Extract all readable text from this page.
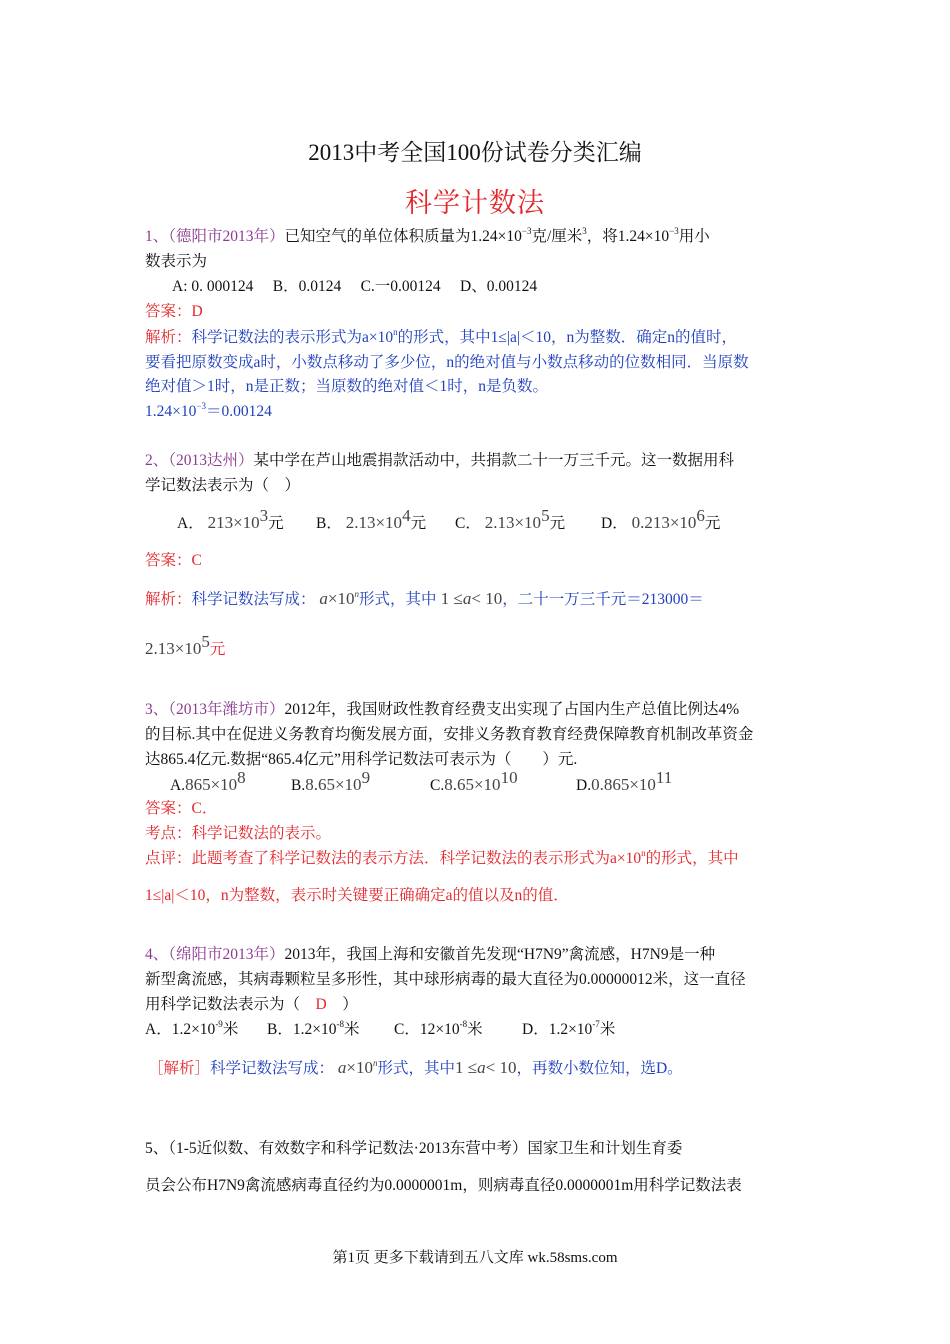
2013中考全国100份试卷分类汇编
科学计数法
1、（德阳市2013年）已知空气的单位体积质量为$1.24\times 10^{-3}$克/厘米$^3$，将$1.24\times 10^{-3}$用小
数表示为
A: 0. 000124　 B．0.0124　 C.一0.00124　 D、0.00124
答案：D
解析：科学记数法的表示形式为$a\times 10^n$的形式，其中1≤|a|＜10，n为整数．确定n的值时，
要看把原数变成a时，小数点移动了多少位，n的绝对值与小数点移动的位数相同．当原数
绝对值＞1时，n是正数；当原数的绝对值＜1时，n是负数。
$1.24\times 10^{-3}=0.00124$
2、（2013达州）某中学在芦山地震捐款活动中，共捐款二十一万三千元。这一数据用科
学记数法表示为（　）
A． $213\times 10^3$元 B． $2.13\times 10^4$元 C． $2.13\times 10^5$元 D． $0.213\times 10^6$元
答案：C
解析：科学记数法写成： $a\times 10^n$形式，其中 1 ≤a< 10，二十一万三千元＝213000＝
$2.13\times 10^5$元
3、（2013年潍坊市）2012年，我国财政性教育经费支出实现了占国内生产总值比例达4%
的目标.其中在促进义务教育均衡发展方面，安排义务教育教育经费保障教育机制改革资金
达865.4亿元.数据“865.4亿元”用科学记数法可表示为（　　）元.
$A.865\times 10^8$	$B.8.65\times 10^9$	$C.8.65\times 10^{10}$	$D.0.865\times 10^{11}$
答案：C．
考点：科学记数法的表示。
点评：此题考查了科学记数法的表示方法．科学记数法的表示形式为$a\times 10^n$的形式，其中
1≤|a|＜10，n为整数，表示时关键要正确确定a的值以及n的值．
4、（绵阳市2013年）2013年，我国上海和安徽首先发现“H7N9”禽流感，H7N9是一种
新型禽流感，其病毒颗粒呈多形性，其中球形病毒的最大直径为0.00000012米，这一直径
用科学记数法表示为（　D　）
A．$1.2\times 10^{-9}$米 B．$1.2\times 10^{-8}$米 C．$12\times 10^{-8}$米	D．$1.2\times 10^{-7}$米
［解析］科学记数法写成： $a\times 10^n$形式，其中1 ≤a< 10，再数小数位知，选D。
5、（1-5近似数、有效数字和科学记数法·2013东营中考）国家卫生和计划生育委
员会公布H7N9禽流感病毒直径约为0.0000001m，则病毒直径0.0000001m用科学记数法表
第1页 更多下载请到五八文库 wk.58sms.com
